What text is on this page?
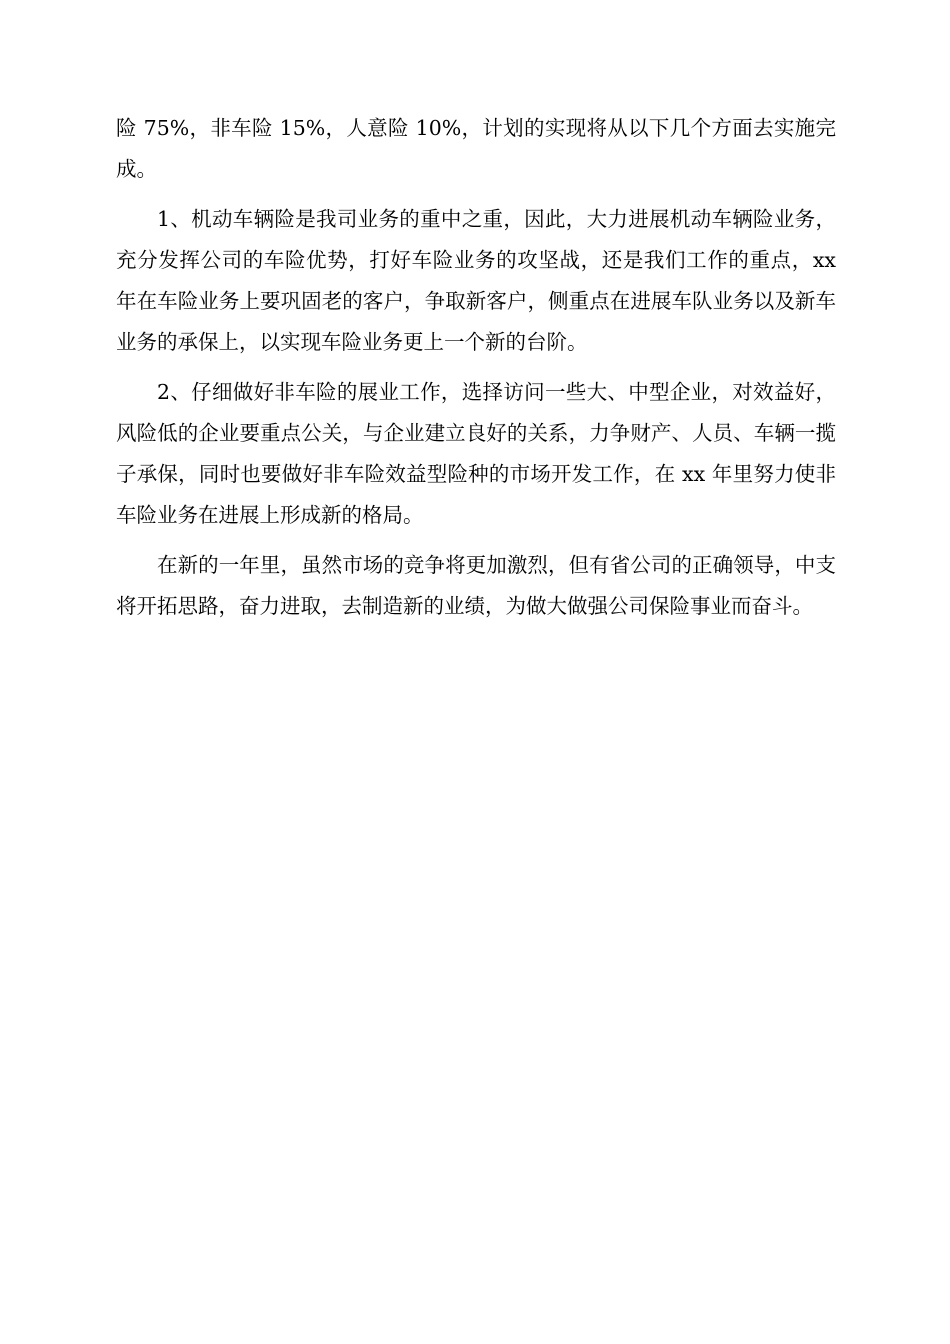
险 75%，非车险 15%，人意险 10%，计划的实现将从以下几个方面去实施完成。

1、机动车辆险是我司业务的重中之重，因此，大力进展机动车辆险业务，充分发挥公司的车险优势，打好车险业务的攻坚战，还是我们工作的重点，xx 年在车险业务上要巩固老的客户，争取新客户，侧重点在进展车队业务以及新车业务的承保上，以实现车险业务更上一个新的台阶。

2、仔细做好非车险的展业工作，选择访问一些大、中型企业，对效益好，风险低的企业要重点公关，与企业建立良好的关系，力争财产、人员、车辆一揽子承保，同时也要做好非车险效益型险种的市场开发工作，在 xx 年里努力使非车险业务在进展上形成新的格局。

在新的一年里，虽然市场的竞争将更加激烈，但有省公司的正确领导，中支将开拓思路，奋力进取，去制造新的业绩，为做大做强公司保险事业而奋斗。
